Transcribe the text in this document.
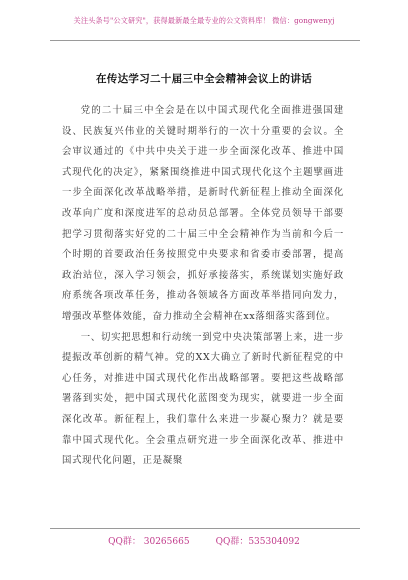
关注头条号"公文研究"，获得最新最全最专业的公文资料库！ 微信：gongwenyj
在传达学习二十届三中全会精神会议上的讲话

党的二十届三中全会是在以中国式现代化全面推进强国建设、民族复兴伟业的关键时期举行的一次十分重要的会议。全会审议通过的《中共中央关于进一步全面深化改革、推进中国式现代化的决定》，紧紧围绕推进中国式现代化这个主题擘画进一步全面深化改革战略举措，是新时代新征程上推动全面深化改革向广度和深度进军的总动员总部署。全体党员领导干部要把学习贯彻落实好党的二十届三中全会精神作为当前和今后一个时期的首要政治任务按照党中央要求和省委市委部署，提高政治站位，深入学习领会，抓好承接落实，系统谋划实施好政府系统各项改革任务，推动各领域各方面改革举措同向发力，增强改革整体效能，奋力推动全会精神在xx落细落实落到位。

一、切实把思想和行动统一到党中央决策部署上来，进一步提振改革创新的精气神。党的XX大确立了新时代新征程党的中心任务，对推进中国式现代化作出战略部署。要把这些战略部署落到实处，把中国式现代化蓝图变为现实，就要进一步全面深化改革。新征程上，我们靠什么来进一步凝心聚力？就是要靠中国式现代化。全会重点研究进一步全面深化改革、推进中国式现代化问题，正是凝聚

QQ群： 30265665	QQ群：535304092
